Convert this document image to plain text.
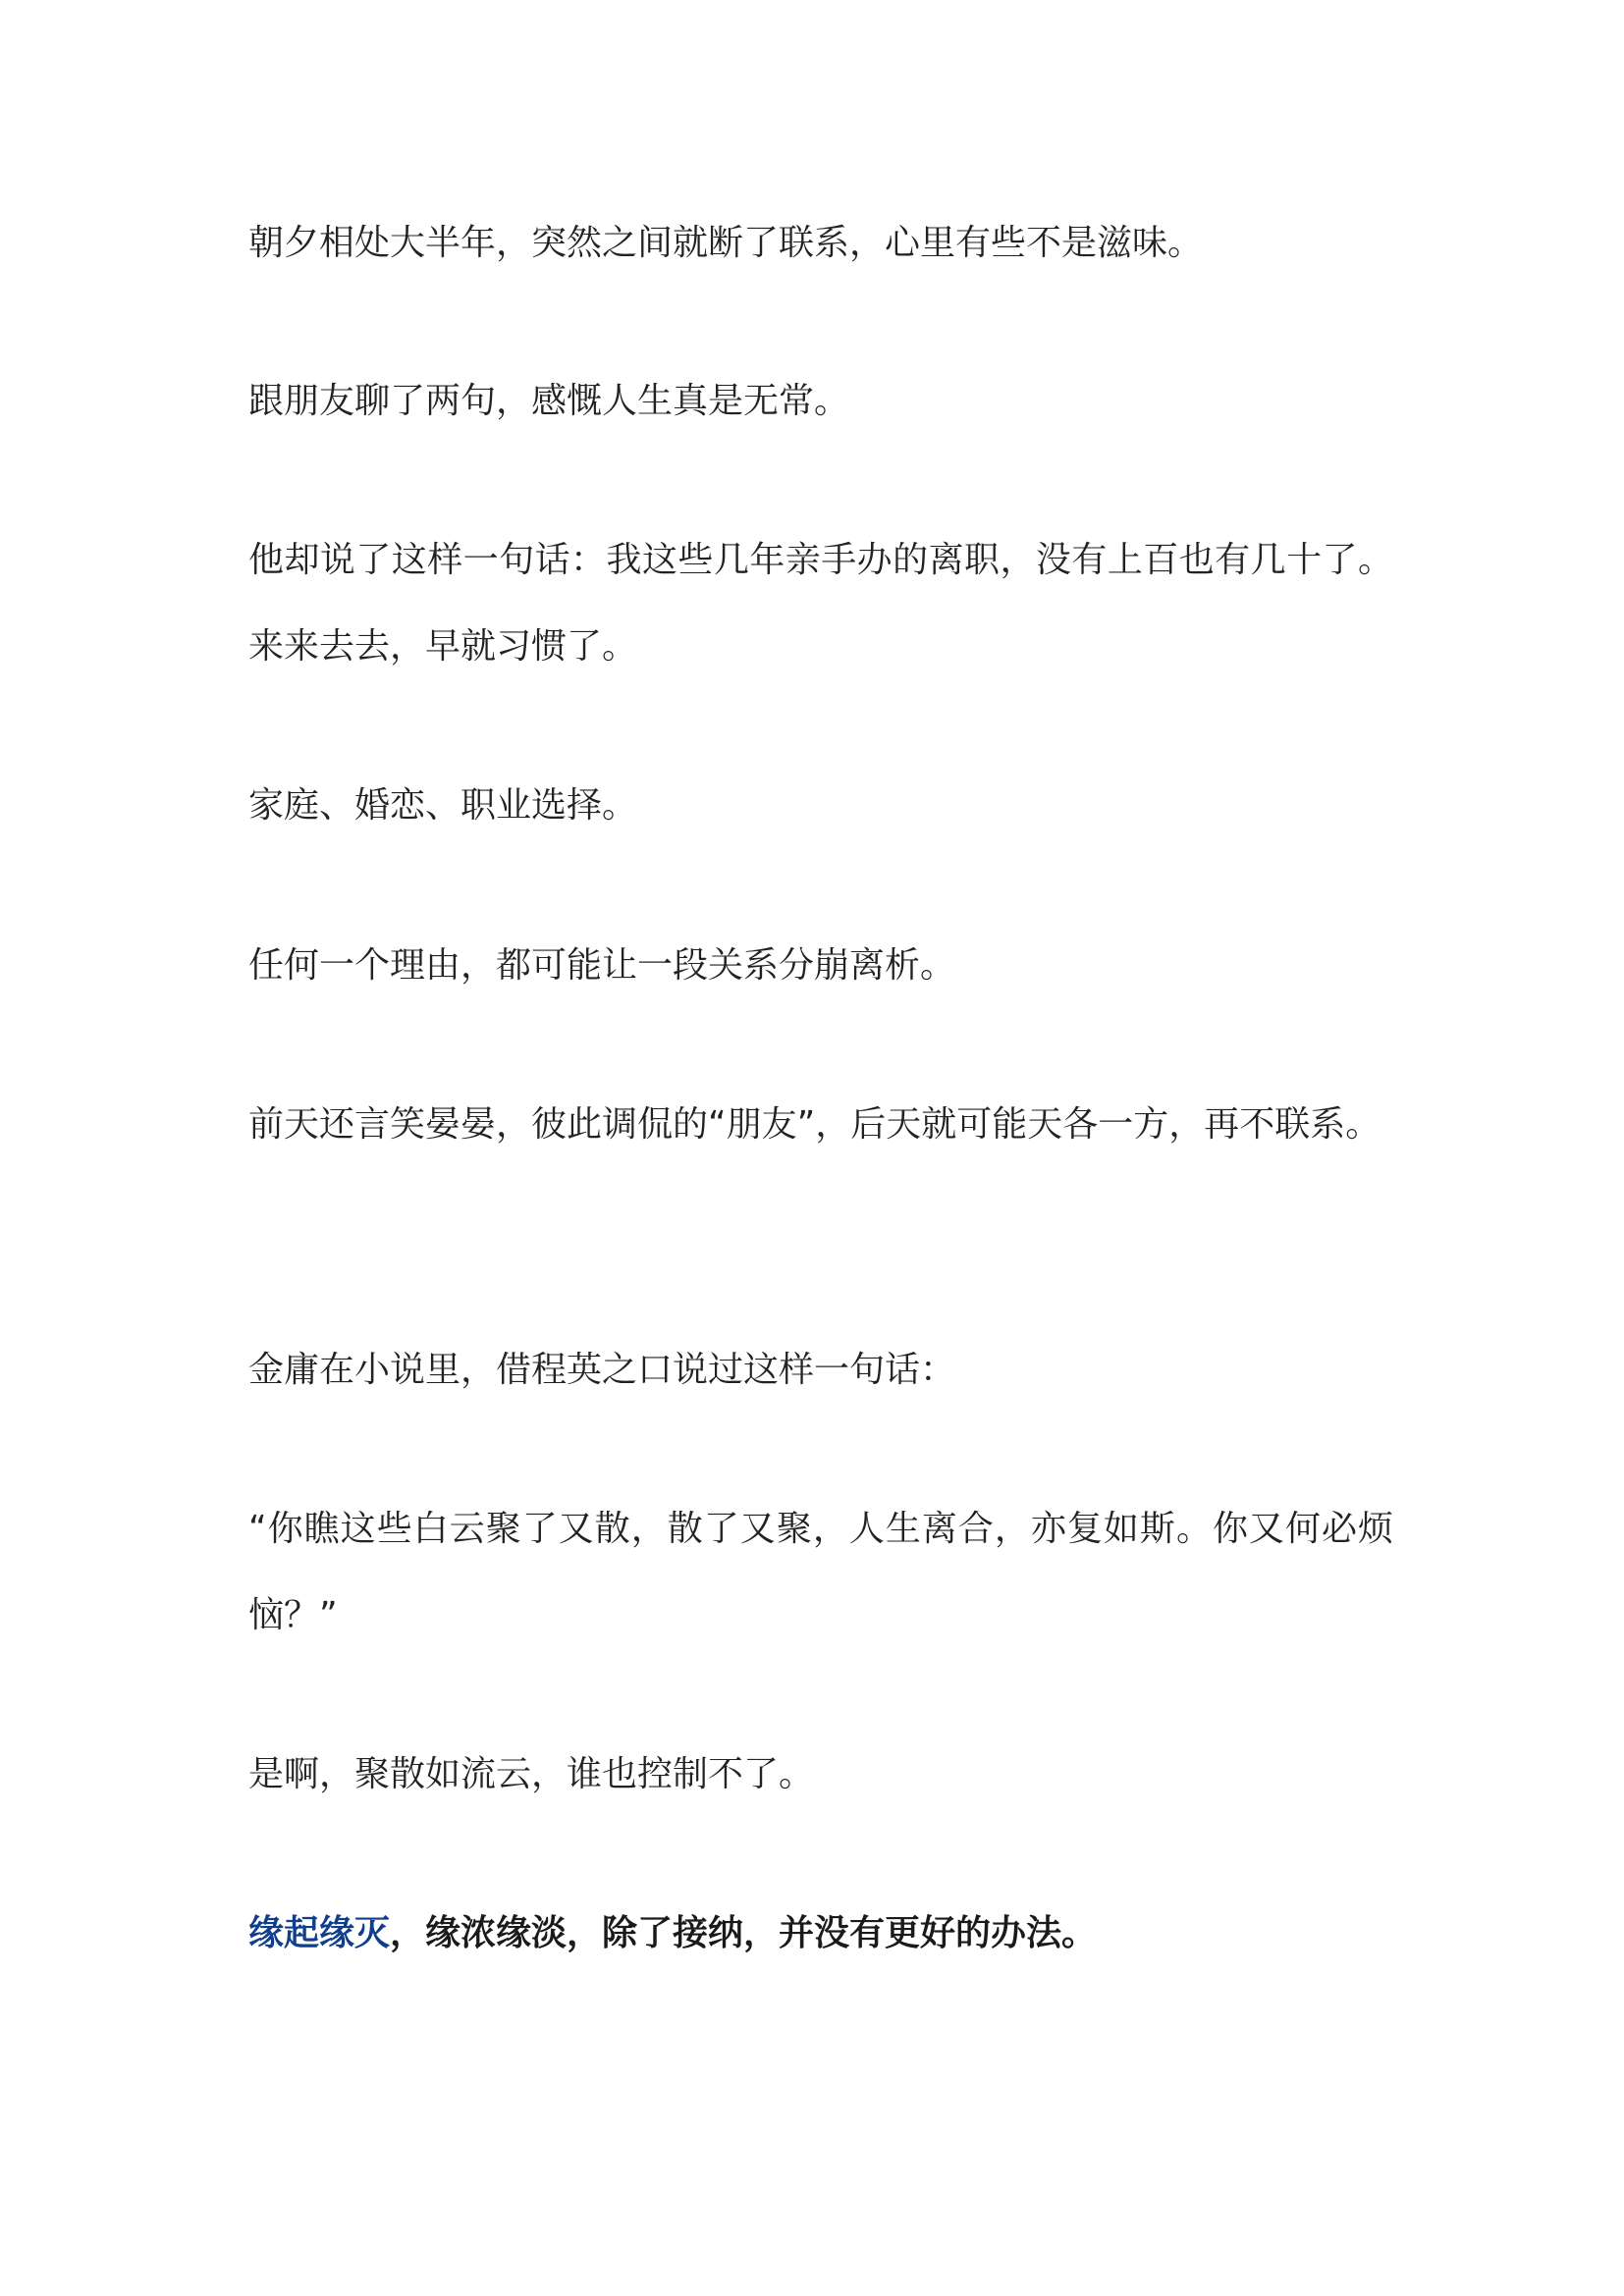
朝夕相处大半年，突然之间就断了联系，心里有些不是滋味。

跟朋友聊了两句，感慨人生真是无常。

他却说了这样一句话：我这些几年亲手办的离职，没有上百也有几十了。来来去去，早就习惯了。

家庭、婚恋、职业选择。

任何一个理由，都可能让一段关系分崩离析。

前天还言笑晏晏，彼此调侃的“朋友”，后天就可能天各一方，再不联系。

金庸在小说里，借程英之口说过这样一句话：

“你瞧这些白云聚了又散，散了又聚，人生离合，亦复如斯。你又何必烦恼？”

是啊，聚散如流云，谁也控制不了。

缘起缘灭，缘浓缘淡，除了接纳，并没有更好的办法。
